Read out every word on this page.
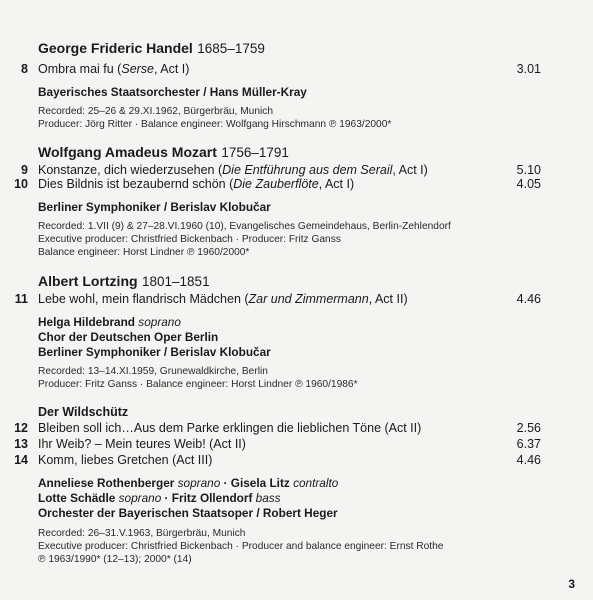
George Frideric Handel 1685–1759
8 Ombra mai fu (Serse, Act I)	3.01
Bayerisches Staatsorchester / Hans Müller-Kray
Recorded: 25–26 & 29.XI.1962, Bürgerbräu, Munich
Producer: Jörg Ritter · Balance engineer: Wolfgang Hirschmann ℗ 1963/2000*
Wolfgang Amadeus Mozart 1756–1791
9 Konstanze, dich wiederzusehen (Die Entführung aus dem Serail, Act I)	5.10
10 Dies Bildnis ist bezaubernd schön (Die Zauberflöte, Act I)	4.05
Berliner Symphoniker / Berislav Klobučar
Recorded: 1.VII (9) & 27–28.VI.1960 (10), Evangelisches Gemeindehaus, Berlin-Zehlendorf
Executive producer: Christfried Bickenbach · Producer: Fritz Ganss
Balance engineer: Horst Lindner ℗ 1960/2000*
Albert Lortzing 1801–1851
11 Lebe wohl, mein flandrisch Mädchen (Zar und Zimmermann, Act II)	4.46
Helga Hildebrand soprano
Chor der Deutschen Oper Berlin
Berliner Symphoniker / Berislav Klobučar
Recorded: 13–14.XI.1959, Grunewaldkirche, Berlin
Producer: Fritz Ganss · Balance engineer: Horst Lindner ℗ 1960/1986*
Der Wildschütz
12 Bleiben soll ich…Aus dem Parke erklingen die lieblichen Töne (Act II)	2.56
13 Ihr Weib? – Mein teures Weib! (Act II)	6.37
14 Komm, liebes Gretchen (Act III)	4.46
Anneliese Rothenberger soprano · Gisela Litz contralto
Lotte Schädle soprano · Fritz Ollendorf bass
Orchester der Bayerischen Staatsoper / Robert Heger
Recorded: 26–31.V.1963, Bürgerbräu, Munich
Executive producer: Christfried Bickenbach · Producer and balance engineer: Ernst Rothe
℗ 1963/1990* (12–13); 2000* (14)
3
